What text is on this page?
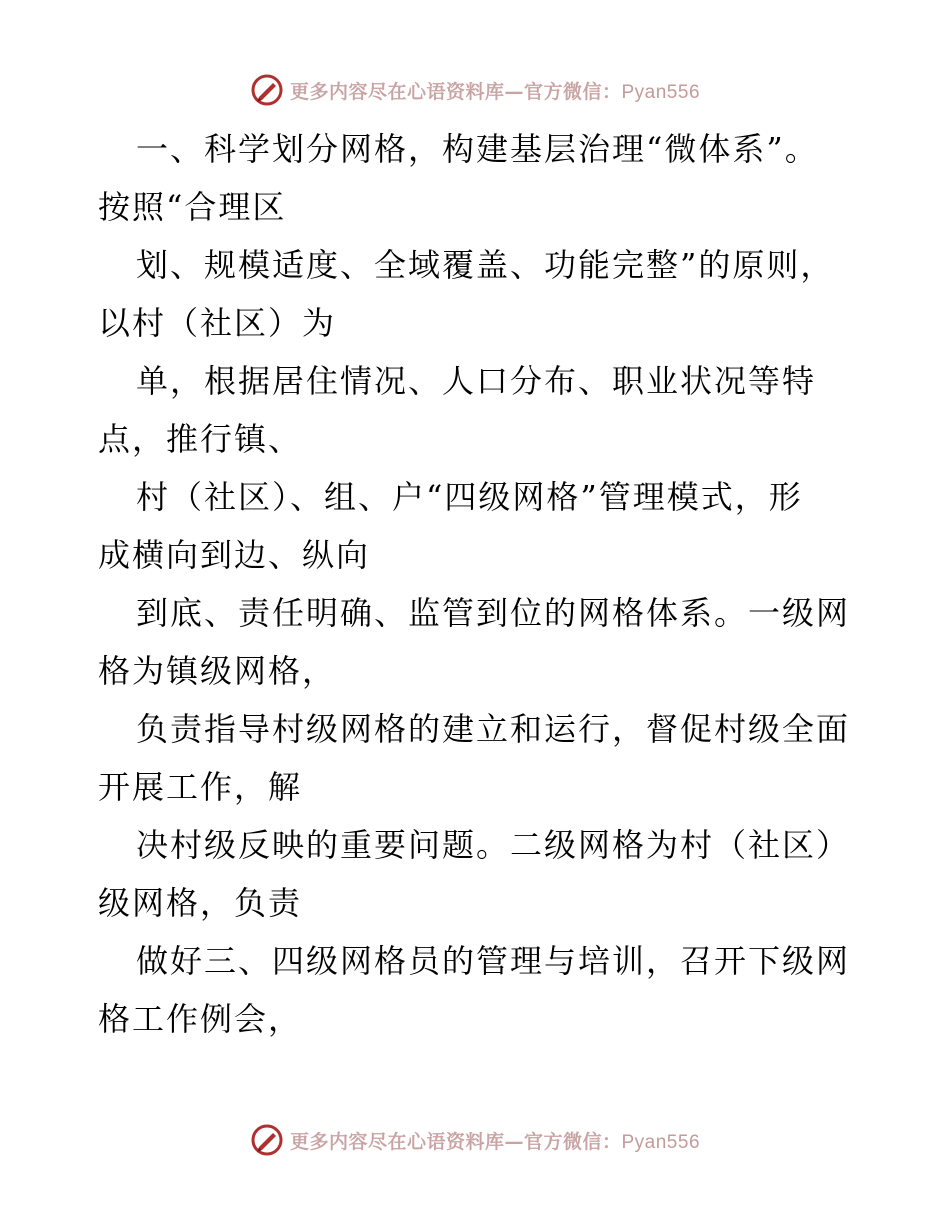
更多内容尽在心语资料库—官方微信：Pyan556
一、科学划分网格，构建基层治理“微体系”。
按照“合理区
划、规模适度、全域覆盖、功能完整”的原则，
以村（社区）为
单，根据居住情况、人口分布、职业状况等特
点，推行镇、
村（社区）、组、户“四级网格”管理模式，形
成横向到边、纵向
到底、责任明确、监管到位的网格体系。一级网
格为镇级网格，
负责指导村级网格的建立和运行，督促村级全面
开展工作，解
决村级反映的重要问题。二级网格为村（社区）
级网格，负责
做好三、四级网格员的管理与培训，召开下级网
格工作例会，
更多内容尽在心语资料库—官方微信：Pyan556
